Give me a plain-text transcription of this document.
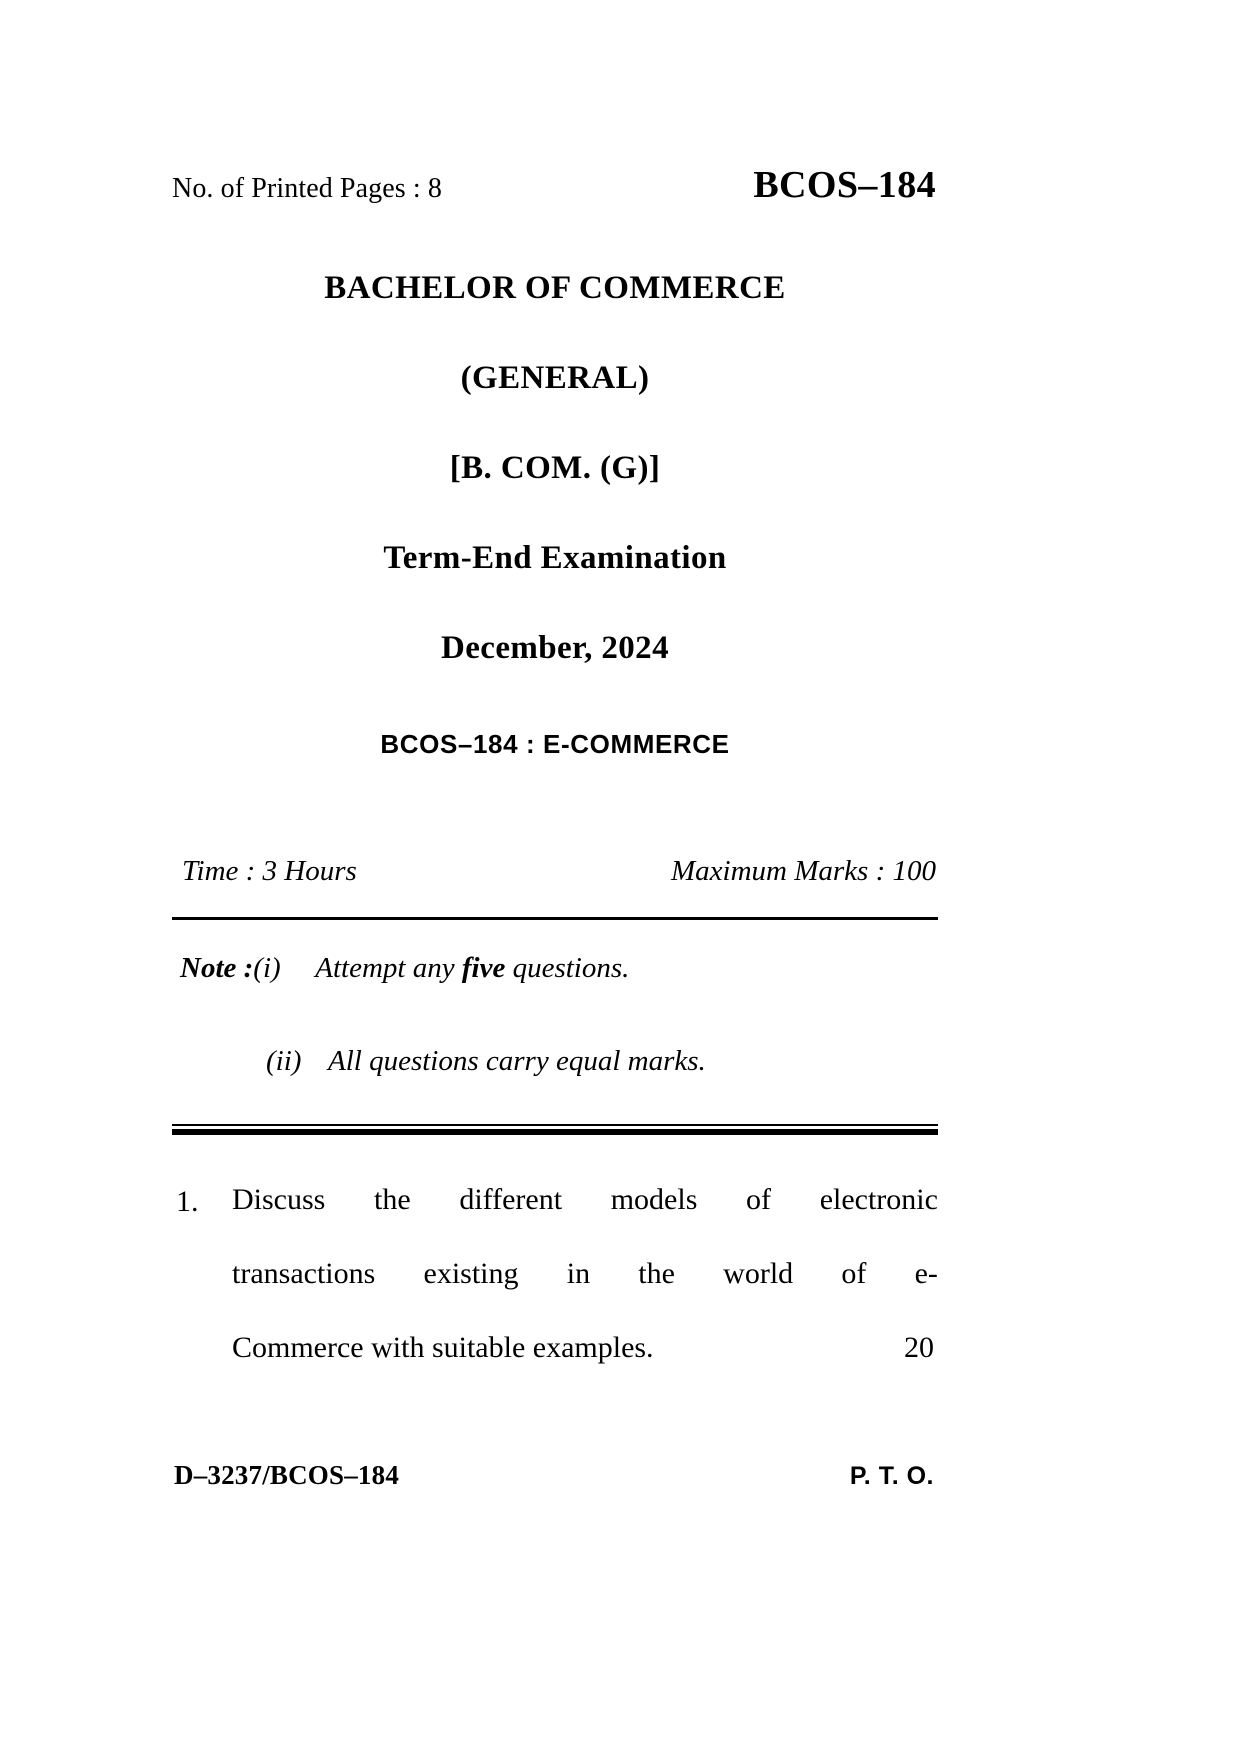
No. of Printed Pages : 8	BCOS–184
BACHELOR OF COMMERCE
(GENERAL)
[B. COM. (G)]
Term-End Examination
December, 2024
BCOS–184 : E-COMMERCE
Time : 3 Hours	Maximum Marks : 100
Note : (i)	Attempt any five questions.
(ii) All questions carry equal marks.
1.	Discuss the different models of electronic
transactions existing in the world of e-
Commerce with suitable examples.	20
D–3237/BCOS–184	P. T. O.
